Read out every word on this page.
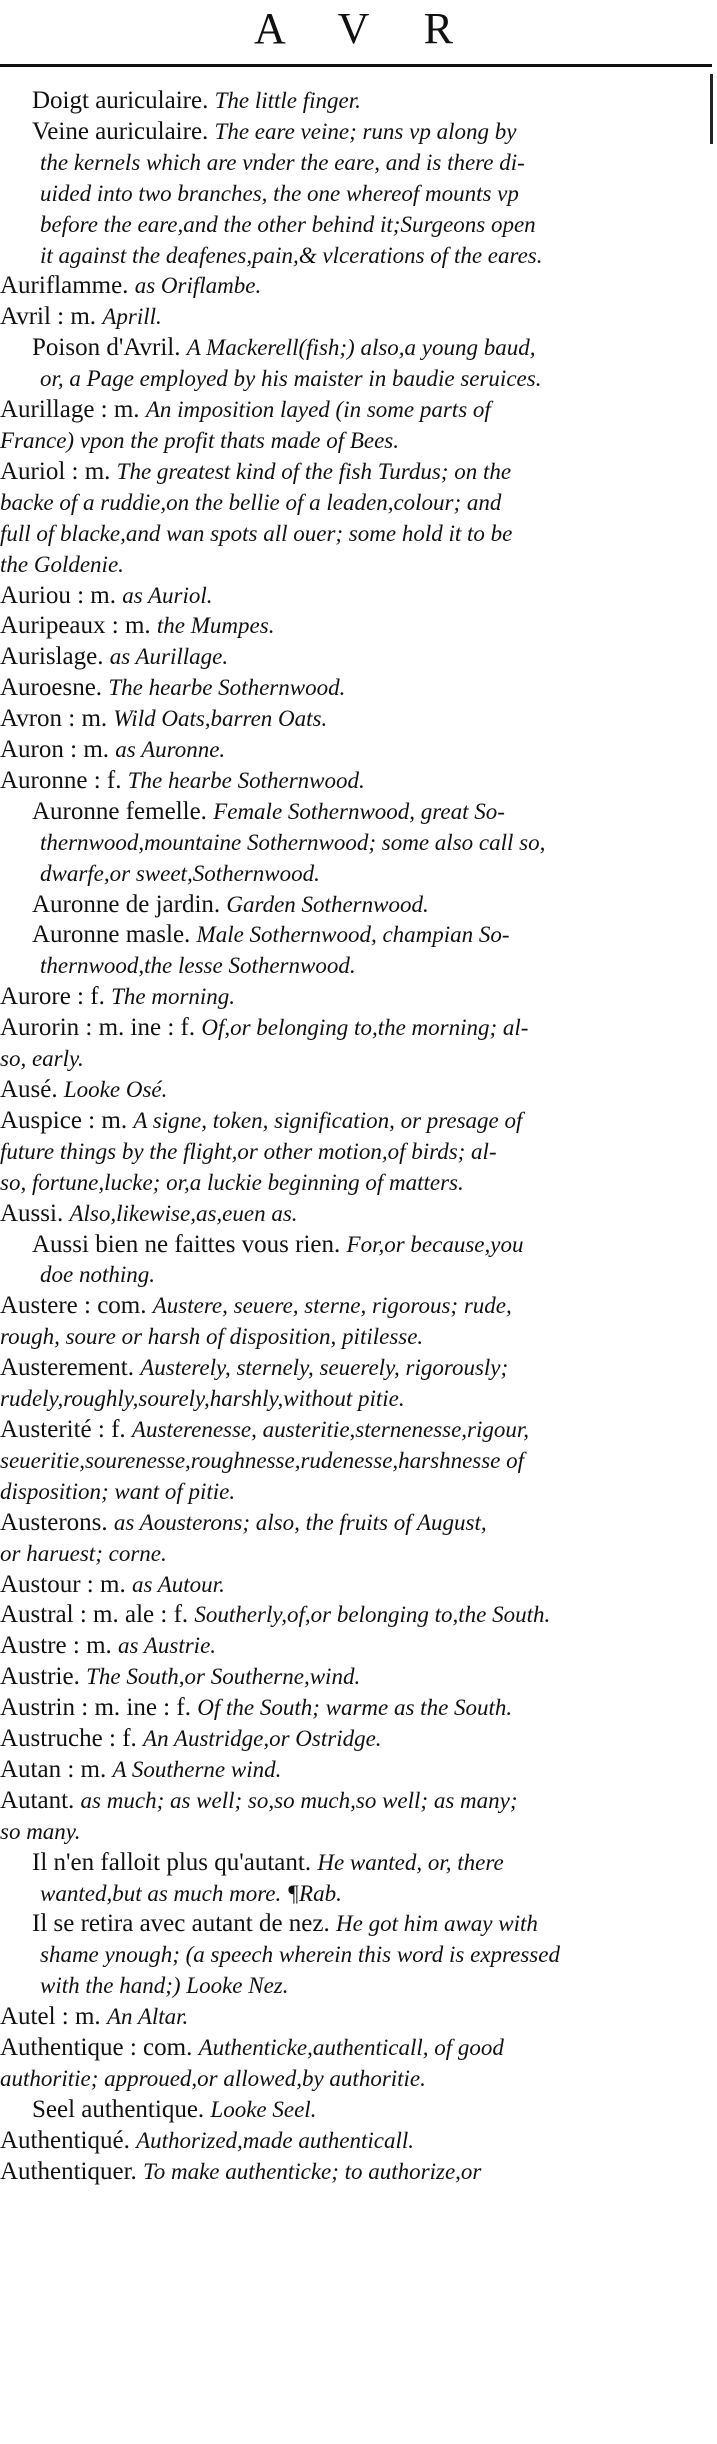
A V R
Doigt auriculaire. The little finger.
Veine auriculaire. The eare veine; runs vp along by
the kernels which are vnder the eare, and is there di-
uided into two branches, the one whereof mounts vp
before the eare,and the other behind it;Surgeons open
it against the deafenes,pain,& vlcerations of the eares.
Auriflamme. as Oriflambe.
Avril : m. Aprill.
Poison d'Avril. A Mackerell(fish;) also,a young baud,
or, a Page employed by his maister in baudie seruices.
Aurillage : m. An imposition layed (in some parts of
France) vpon the profit thats made of Bees.
Auriol : m. The greatest kind of the fish Turdus; on the
backe of a ruddie,on the bellie of a leaden,colour; and
full of blacke,and wan spots all ouer; some hold it to be
the Goldenie.
Auriou : m. as Auriol.
Auripeaux : m. the Mumpes.
Aurislage. as Aurillage.
Auroesne. The hearbe Sothernwood.
Avron : m. Wild Oats,barren Oats.
Auron : m. as Auronne.
Auronne : f. The hearbe Sothernwood.
Auronne femelle. Female Sothernwood, great So-
thernwood,mountaine Sothernwood; some also call so,
dwarfe,or sweet,Sothernwood.
Auronne de jardin. Garden Sothernwood.
Auronne masle. Male Sothernwood, champian So-
thernwood,the lesse Sothernwood.
Aurore : f. The morning.
Aurorin : m. ine : f. Of,or belonging to,the morning; al-
so, early.
Ausé. Looke Osé.
Auspice : m. A signe, token, signification, or presage of
future things by the flight,or other motion,of birds; al-
so, fortune,lucke; or,a luckie beginning of matters.
Aussi. Also,likewise,as,euen as.
Aussi bien ne faittes vous rien. For,or because,you
doe nothing.
Austere : com. Austere, seuere, sterne, rigorous; rude,
rough, soure or harsh of disposition, pitilesse.
Austerement. Austerely, sternely, seuerely, rigorously;
rudely,roughly,sourely,harshly,without pitie.
Austerité : f. Austerenesse, austeritie,sternenesse,rigour,
seueritie,sourenesse,roughnesse,rudenesse,harshnesse of
disposition; want of pitie.
Austerons. as Aousterons; also, the fruits of August,
or haruest; corne.
Austour : m. as Autour.
Austral : m. ale : f. Southerly,of,or belonging to,the South.
Austre : m. as Austrie.
Austrie. The South,or Southerne,wind.
Austrin : m. ine : f. Of the South; warme as the South.
Austruche : f. An Austridge,or Ostridge.
Autan : m. A Southerne wind.
Autant. as much; as well; so,so much,so well; as many;
so many.
Il n'en falloit plus qu'autant. He wanted, or, there
wanted,but as much more. ¶Rab.
Il se retira avec autant de nez. He got him away with
shame ynough; (a speech wherein this word is expressed
with the hand;) Looke Nez.
Autel : m. An Altar.
Authentique : com. Authenticke,authenticall, of good
authoritie; approued,or allowed,by authoritie.
Seel authentique. Looke Seel.
Authentiqué. Authorized,made authenticall.
Authentiquer. To make authenticke; to authorize,or
